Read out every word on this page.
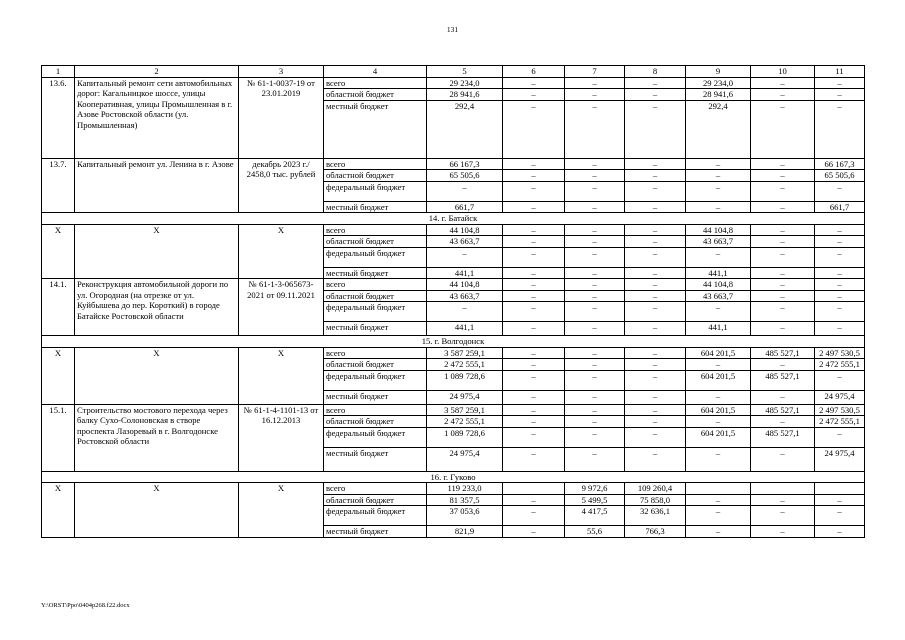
131
1	2	3	4	5	6	7	8	9	10	11
13.6.	Капитальный ремонт сети автомобильных дорог: Кагальницкое шоссе, улицы Кооперативная, улицы Промышленная в г. Азове Ростовской области (ул. Промышленная)	№ 61-1-0037-19 от 23.01.2019	всего	29 234,0	–	–	–	29 234,0	–	–
			областной бюджет	28 941,6	–	–	–	28 941,6	–	–
			местный бюджет	292,4	–	–	–	292,4	–	–
13.7.	Капитальный ремонт ул. Ленина в г. Азове	декабрь 2023 г./ 2458,0 тыс. рублей	всего	66 167,3	–	–	–	–	–	66 167,3
			областной бюджет	65 505,6	–	–	–	–	–	65 505,6
			федеральный бюджет	–	–	–	–	–	–	–
			местный бюджет	661,7	–	–	–	–	–	661,7
14. г. Батайск										
Х	Х	Х	всего	44 104,8	–	–	–	44 104,8	–	–
			областной бюджет	43 663,7	–	–	–	43 663,7	–	–
			федеральный бюджет	–	–	–	–	–	–	–
			местный бюджет	441,1	–	–	–	441,1	–	–
14.1.	Реконструкция автомобильной дороги по ул. Огородная (на отрезке от ул. Куйбышева до пер. Короткий) в городе Батайске Ростовской области	№ 61-1-3-065673-2021 от 09.11.2021	всего	44 104,8	–	–	–	44 104,8	–	–
			областной бюджет	43 663,7	–	–	–	43 663,7	–	–
			федеральный бюджет	–	–	–	–	–	–	–
			местный бюджет	441,1	–	–	–	441,1	–	–
15. г. Волгодонск										
Х	Х	Х	всего	3 587 259,1	–	–	–	604 201,5	485 527,1	2 497 530,5
			областной бюджет	2 472 555,1	–	–	–	–	–	2 472 555,1
			федеральный бюджет	1 089 728,6	–	–	–	604 201,5	485 527,1	–
			местный бюджет	24 975,4	–	–	–	–	–	24 975,4
15.1.	Строительство мостового перехода через балку Сухо-Солоновская в створе проспекта Лазоревый в г. Волгодонске Ростовской области	№ 61-1-4-1101-13 от 16.12.2013	всего	3 587 259,1	–	–	–	604 201,5	485 527,1	2 497 530,5
			областной бюджет	2 472 555,1	–	–	–	–	–	2 472 555,1
			федеральный бюджет	1 089 728,6	–	–	–	604 201,5	485 527,1	–
			местный бюджет	24 975,4	–	–	–	–	–	24 975,4
16. г. Гуково										
Х	Х	Х	всего	119 233,0		9 972,6	109 260,4			
			областной бюджет	81 357,5	–	5 499,5	75 858,0	–	–	–
			федеральный бюджет	37 053,6	–	4 417,5	32 636,1	–	–	–
			местный бюджет	821,9	–	55,6	766,3	–	–	–
Y:\ORST\Ppo\0404p268.f22.docx
